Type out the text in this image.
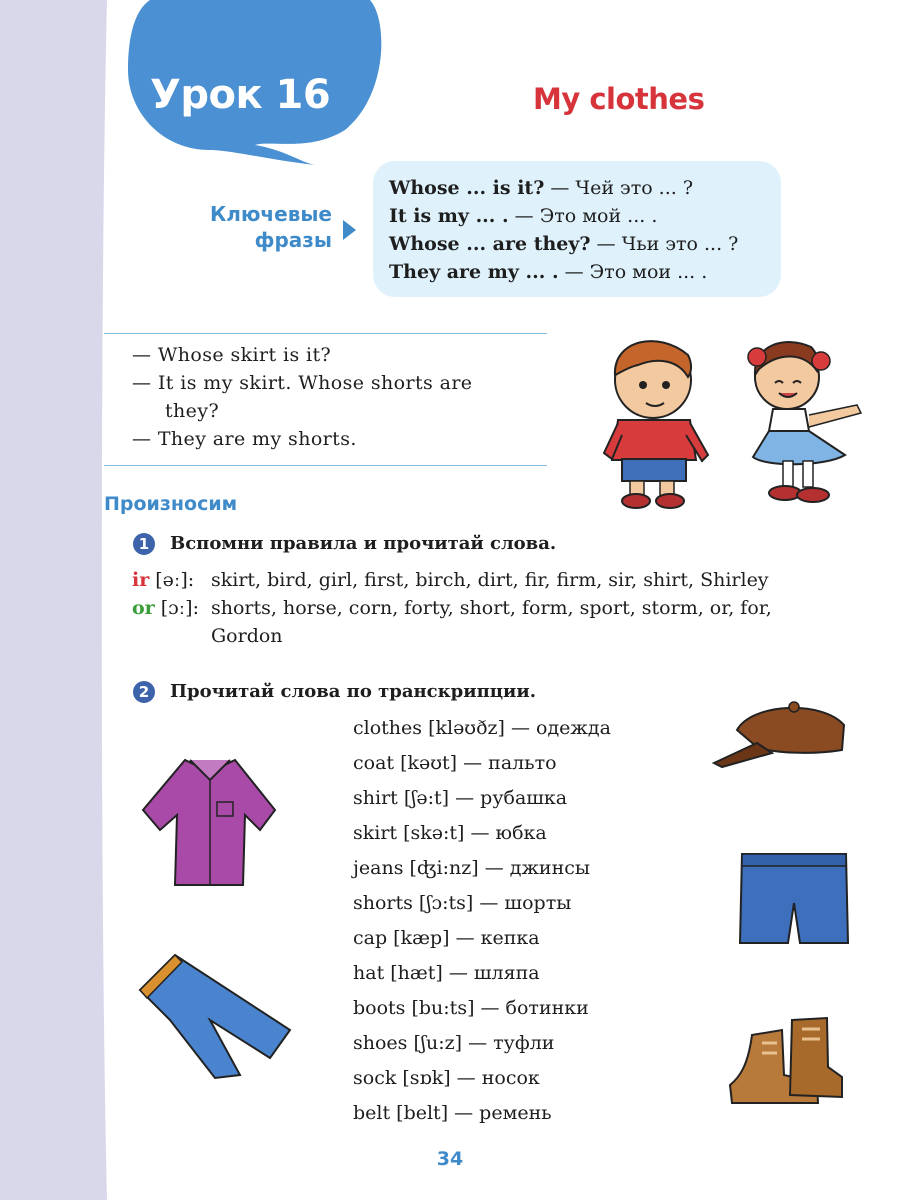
Урок 16	My clothes
Ключевые
фразы
Whose ... is it? — Чей это ... ?
It is my ... . — Это мой ... .
Whose ... are they? — Чьи это ... ?
They are my ... . — Это мои ... .
— Whose skirt is it?
— It is my skirt. Whose shorts are
they?
— They are my shorts.
Произносим
1	Вспомни правила и прочитай слова.
ir [əː]: skirt, bird, girl, first, birch, dirt, fir, firm, sir, shirt, Shirley
or [ɔː]: shorts, horse, corn, forty, short, form, sport, storm, or, for,
Gordon
2	Прочитай слова по транскрипции.
clothes [kləʊðz] — одежда
coat [kəʊt] — пальто
shirt [ʃə:t] — рубашка
skirt [skə:t] — юбка
jeans [ʤi:nz] — джинсы
shorts [ʃɔ:ts] — шорты
cap [kæp] — кепка
hat [hæt] — шляпа
boots [bu:ts] — ботинки
shoes [ʃu:z] — туфли
sock [sɒk] — носок
belt [belt] — ремень
34
